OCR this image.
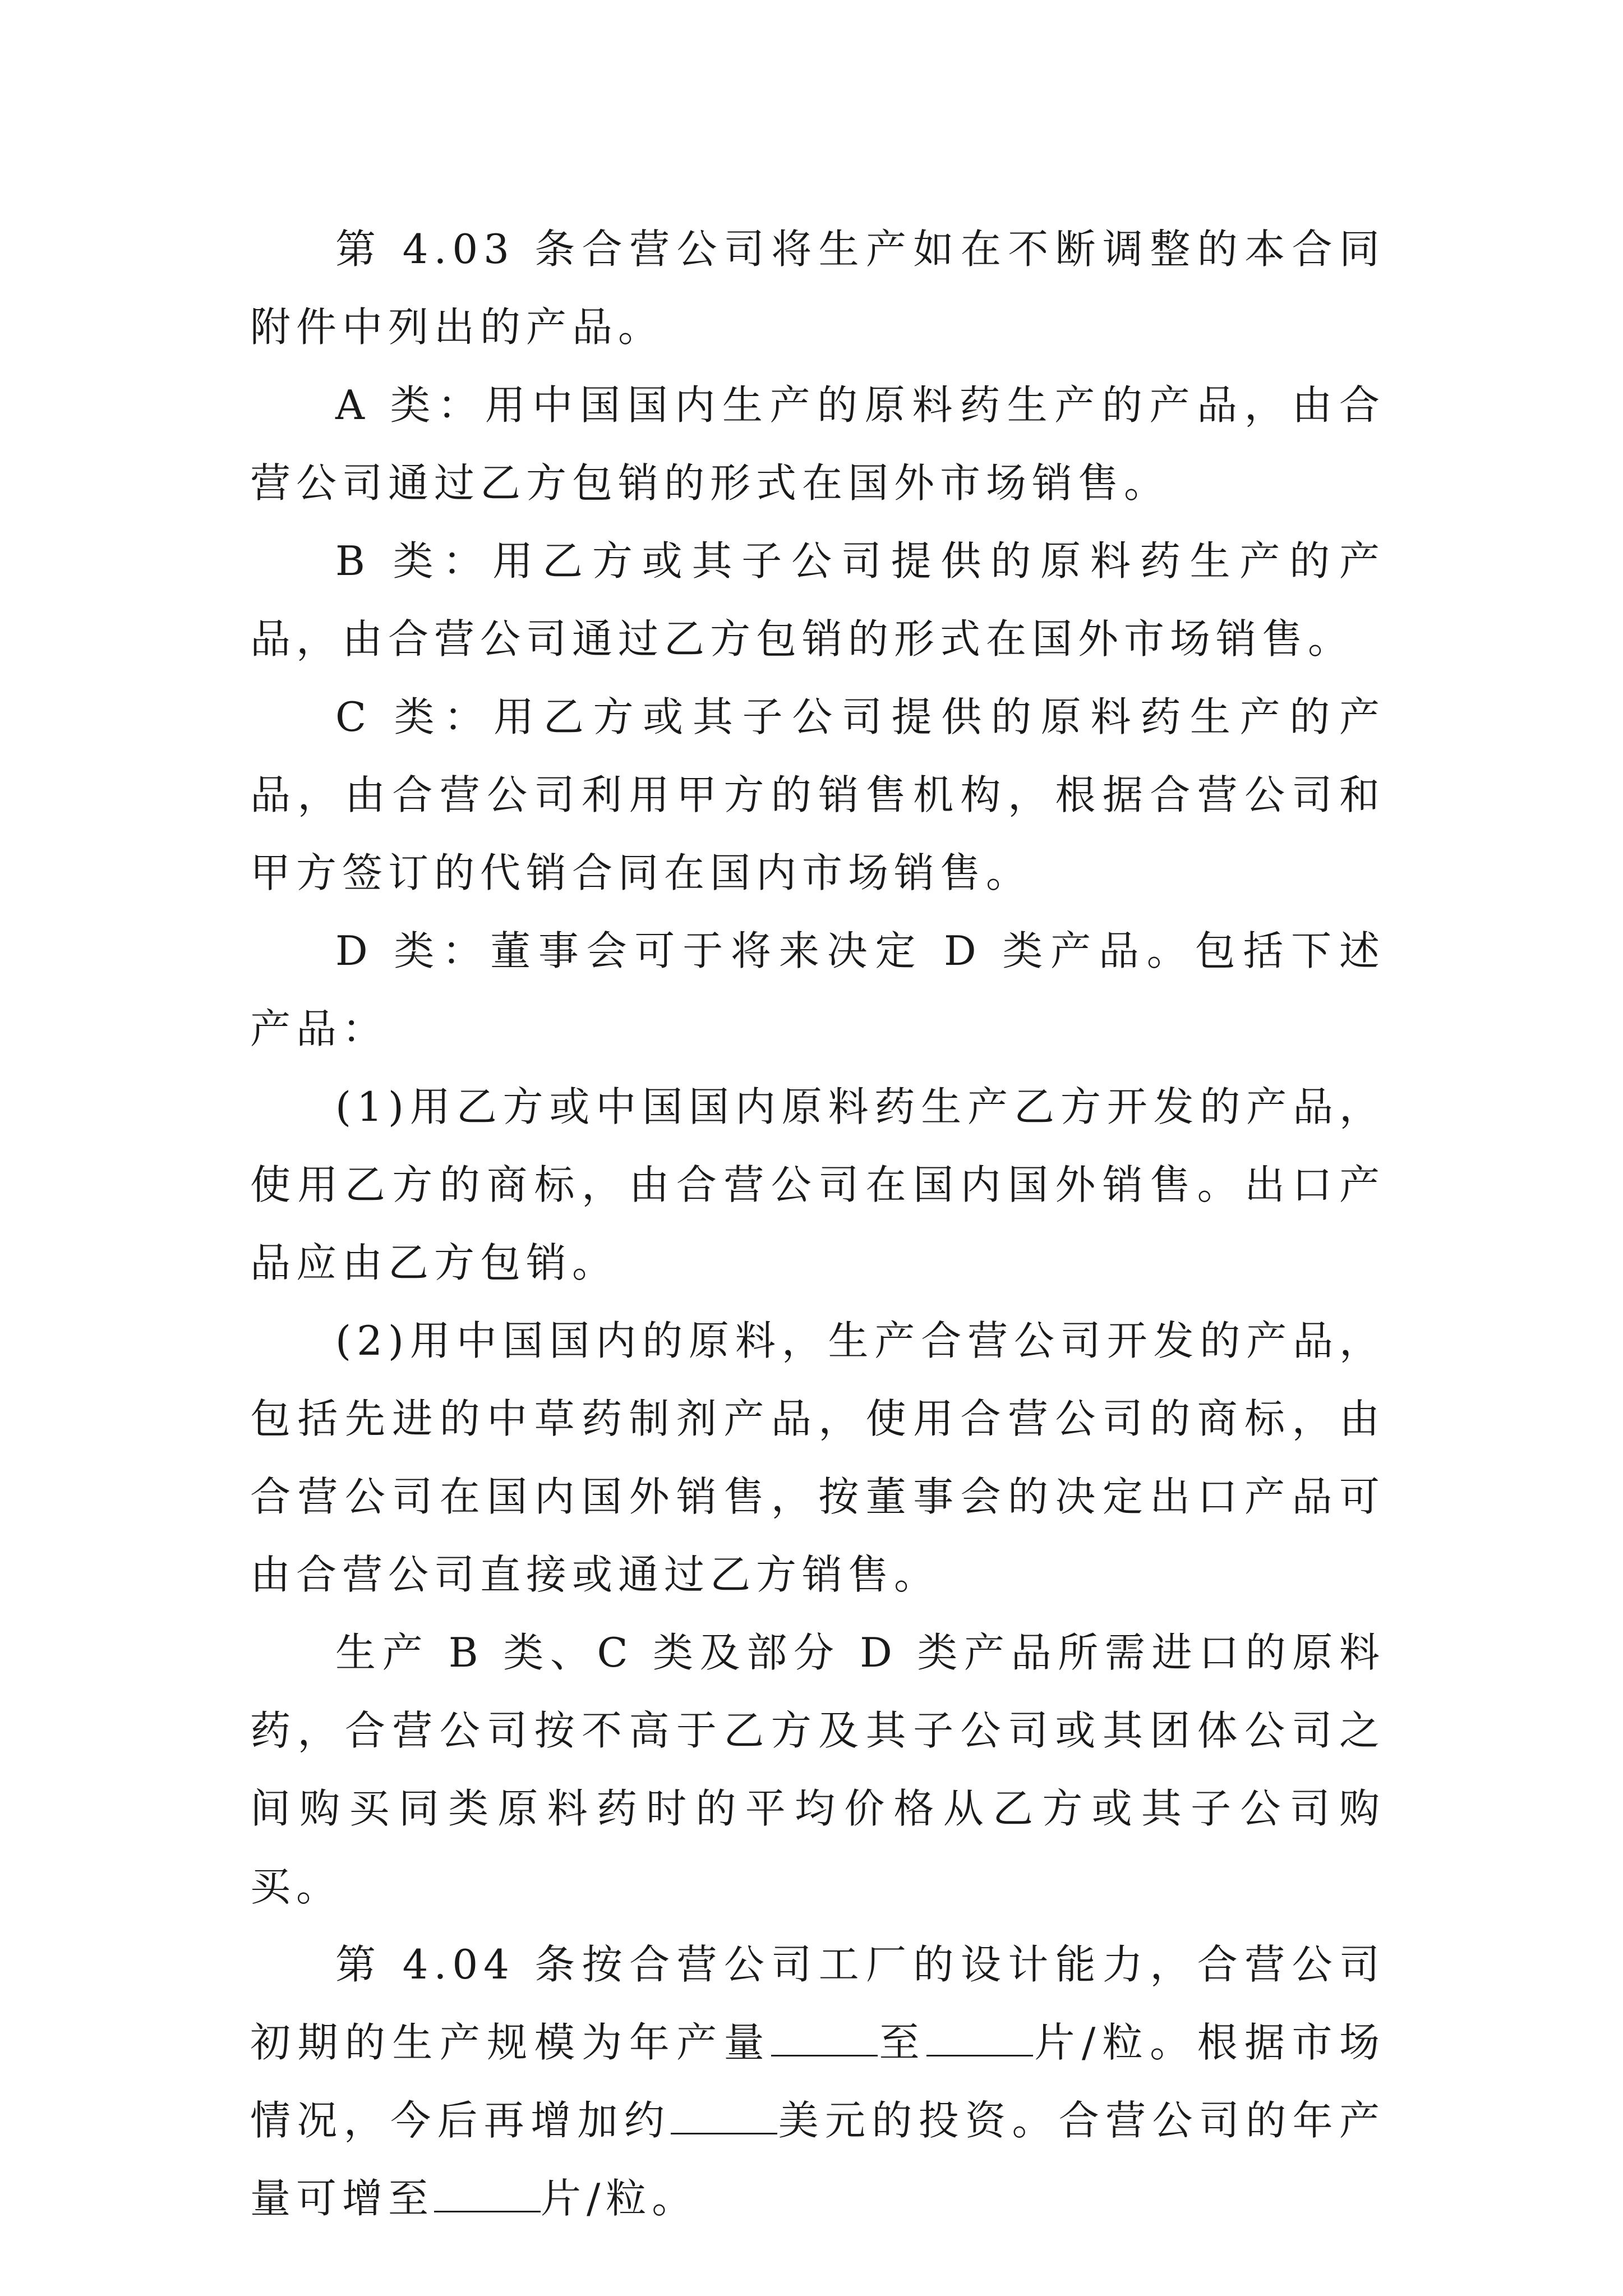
第 4.03 条合营公司将生产如在不断调整的本合同附件中列出的产品。

A 类：用中国国内生产的原料药生产的产品，由合营公司通过乙方包销的形式在国外市场销售。

B 类：用乙方或其子公司提供的原料药生产的产品，由合营公司通过乙方包销的形式在国外市场销售。

C 类：用乙方或其子公司提供的原料药生产的产品，由合营公司利用甲方的销售机构，根据合营公司和甲方签订的代销合同在国内市场销售。

D 类：董事会可于将来决定 D 类产品。包括下述产品：

(1)用乙方或中国国内原料药生产乙方开发的产品，使用乙方的商标，由合营公司在国内国外销售。出口产品应由乙方包销。

(2)用中国国内的原料，生产合营公司开发的产品，包括先进的中草药制剂产品，使用合营公司的商标，由合营公司在国内国外销售，按董事会的决定出口产品可由合营公司直接或通过乙方销售。

生产 B 类、C 类及部分 D 类产品所需进口的原料药，合营公司按不高于乙方及其子公司或其团体公司之间购买同类原料药时的平均价格从乙方或其子公司购买。

第 4.04 条按合营公司工厂的设计能力，合营公司初期的生产规模为年产量	至	片/粒。根据市场情况，今后再增加约	美元的投资。合营公司的年产量可增至	片/粒。
